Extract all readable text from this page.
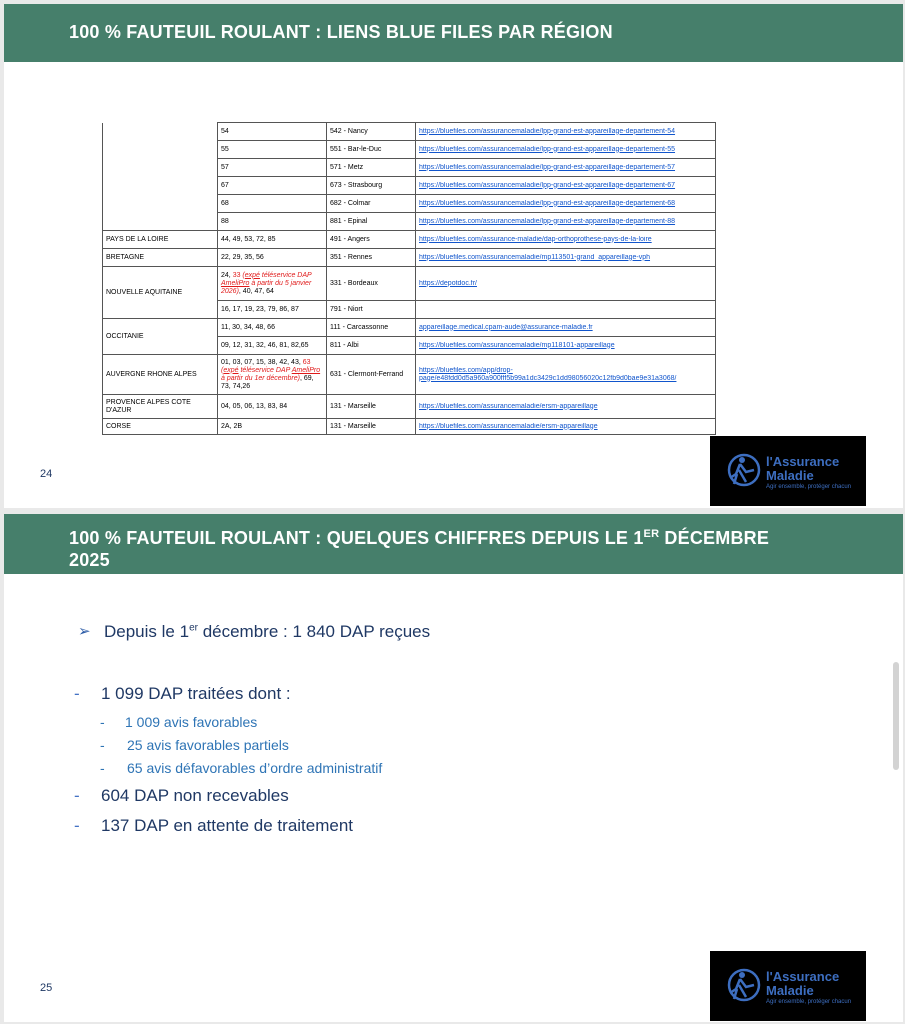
100 % FAUTEUIL ROULANT : LIENS BLUE FILES PAR RÉGION
	54	542 - Nancy	https://bluefiles.com/assurancemaladie/lpp-grand-est-appareillage-departement-54

	55	551 - Bar-le-Duc	https://bluefiles.com/assurancemaladie/lpp-grand-est-appareillage-departement-55

	57	571 - Metz	https://bluefiles.com/assurancemaladie/lpp-grand-est-appareillage-departement-57

	67	673 - Strasbourg	https://bluefiles.com/assurancemaladie/lpp-grand-est-appareillage-departement-67

	68	682 - Colmar	https://bluefiles.com/assurancemaladie/lpp-grand-est-appareillage-departement-68

	88	881 - Epinal	https://bluefiles.com/assurancemaladie/lpp-grand-est-appareillage-departement-88

PAYS DE LA LOIRE	44, 49, 53, 72, 85	491 - Angers	https://bluefiles.com/assurance-maladie/dap-orthoprothese-pays-de-la-loire

BRETAGNE	22, 29, 35, 56	351 - Rennes	https://bluefiles.com/assurancemaladie/mp113501-grand_appareillage-vph

NOUVELLE AQUITAINE	24, 33 (expé téléservice DAP AmeliPro à partir du 5 janvier 2026), 40, 47, 64	331 - Bordeaux	https://depotdoc.fr/

	16, 17, 19, 23, 79, 86, 87	791 - Niort	
OCCITANIE	11, 30, 34, 48, 66	111 - Carcassonne	appareillage.medical.cpam-aude@assurance-maladie.fr

	09, 12, 31, 32, 46, 81, 82,65	811 - Albi	https://bluefiles.com/assurancemaladie/mp118101-appareillage

AUVERGNE RHONE ALPES	01, 03, 07, 15, 38, 42, 43, 63 (expé téléservice DAP AmeliPro à partir du 1er décembre), 69, 73, 74,26	631 - Clermont-Ferrand	https://bluefiles.com/app/drop-
page/e48fdd0d5a960a900fff5b99a1dc3429c1dd98056020c12fb9d0bae9e31a3068/

PROVENCE ALPES COTE D'AZUR	04, 05, 06, 13, 83, 84	131 - Marseille	https://bluefiles.com/assurancemaladie/ersm-appareillage

CORSE	2A, 2B	131 - Marseille	https://bluefiles.com/assurancemaladie/ersm-appareillage
24
l'Assurance
Maladie
Agir ensemble, protéger chacun
100 % FAUTEUIL ROULANT : QUELQUES CHIFFRES DEPUIS LE 1ER DÉCEMBRE
2025
➢ Depuis le 1er décembre : 1 840 DAP reçues
- 1 099 DAP traitées dont :
- 1 009 avis favorables
- 25 avis favorables partiels
- 65 avis défavorables d’ordre administratif
- 604 DAP non recevables
- 137 DAP en attente de traitement
25
l'Assurance
Maladie
Agir ensemble, protéger chacun
